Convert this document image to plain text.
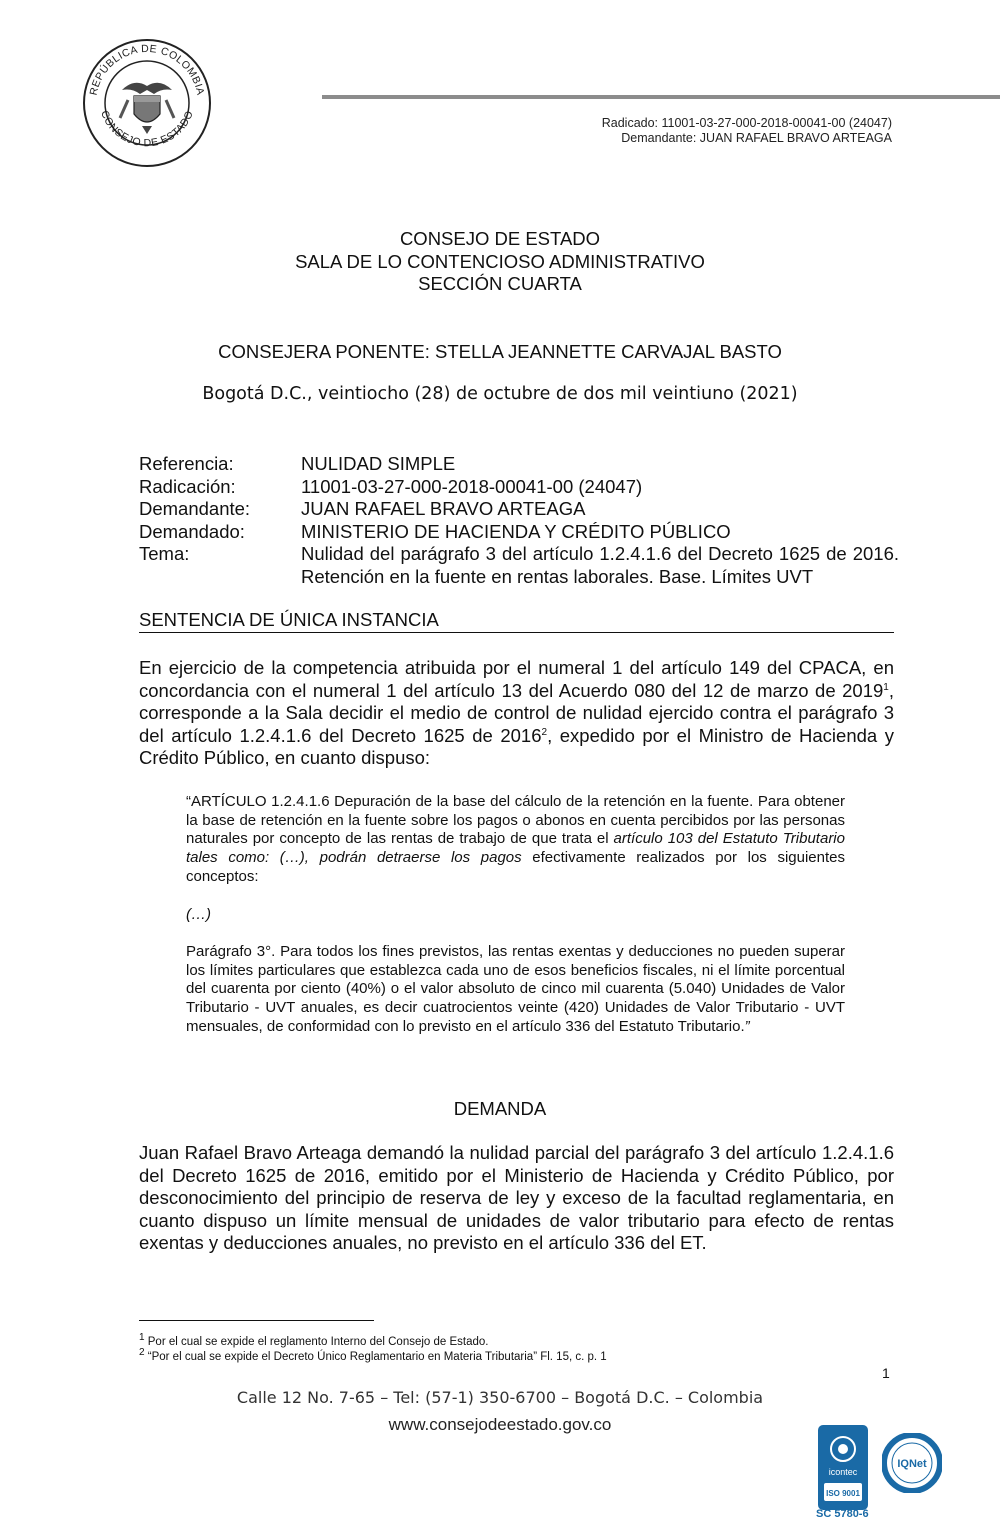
REPÚBLICA DE COLOMBIA
CONSEJO DE ESTADO
Radicado: 11001-03-27-000-2018-00041-00 (24047)
Demandante: JUAN RAFAEL BRAVO ARTEAGA
CONSEJO DE ESTADO
SALA DE LO CONTENCIOSO ADMINISTRATIVO
SECCIÓN CUARTA
CONSEJERA PONENTE: STELLA JEANNETTE CARVAJAL BASTO
Bogotá D.C., veintiocho (28) de octubre de dos mil veintiuno (2021)
Referencia:	NULIDAD SIMPLE
Radicación:	11001-03-27-000-2018-00041-00 (24047)
Demandante:	JUAN RAFAEL BRAVO ARTEAGA
Demandado:	MINISTERIO DE HACIENDA Y CRÉDITO PÚBLICO
Tema:	Nulidad del parágrafo 3 del artículo 1.2.4.1.6 del Decreto 1625 de 2016. Retención en la fuente en rentas laborales. Base. Límites UVT
SENTENCIA DE ÚNICA INSTANCIA
En ejercicio de la competencia atribuida por el numeral 1 del artículo 149 del CPACA, en concordancia con el numeral 1 del artículo 13 del Acuerdo 080 del 12 de marzo de 2019$^1$, corresponde a la Sala decidir el medio de control de nulidad ejercido contra el parágrafo 3 del artículo 1.2.4.1.6 del Decreto 1625 de 2016$^2$, expedido por el Ministro de Hacienda y Crédito Público, en cuanto dispuso:
“ARTÍCULO 1.2.4.1.6 Depuración de la base del cálculo de la retención en la fuente. Para obtener la base de retención en la fuente sobre los pagos o abonos en cuenta percibidos por las personas naturales por concepto de las rentas de trabajo de que trata el artículo 103 del Estatuto Tributario tales como: (…), podrán detraerse los pagos efectivamente realizados por los siguientes conceptos:
(…)
Parágrafo 3°. Para todos los fines previstos, las rentas exentas y deducciones no pueden superar los límites particulares que establezca cada uno de esos beneficios fiscales, ni el límite porcentual del cuarenta por ciento (40%) o el valor absoluto de cinco mil cuarenta (5.040) Unidades de Valor Tributario - UVT anuales, es decir cuatrocientos veinte (420) Unidades de Valor Tributario - UVT mensuales, de conformidad con lo previsto en el artículo 336 del Estatuto Tributario.”
DEMANDA
Juan Rafael Bravo Arteaga demandó la nulidad parcial del parágrafo 3 del artículo 1.2.4.1.6 del Decreto 1625 de 2016, emitido por el Ministerio de Hacienda y Crédito Público, por desconocimiento del principio de reserva de ley y exceso de la facultad reglamentaria, en cuanto dispuso un límite mensual de unidades de valor tributario para efecto de rentas exentas y deducciones anuales, no previsto en el artículo 336 del ET.
$^1$ Por el cual se expide el reglamento Interno del Consejo de Estado.
$^2$ “Por el cual se expide el Decreto Único Reglamentario en Materia Tributaria” Fl. 15, c. p. 1
1
Calle 12 No. 7-65 – Tel: (57-1) 350-6700 – Bogotá D.C. – Colombia
www.consejodeestado.gov.co
icontec
ISO 9001
IQNet
SC 5780-6
